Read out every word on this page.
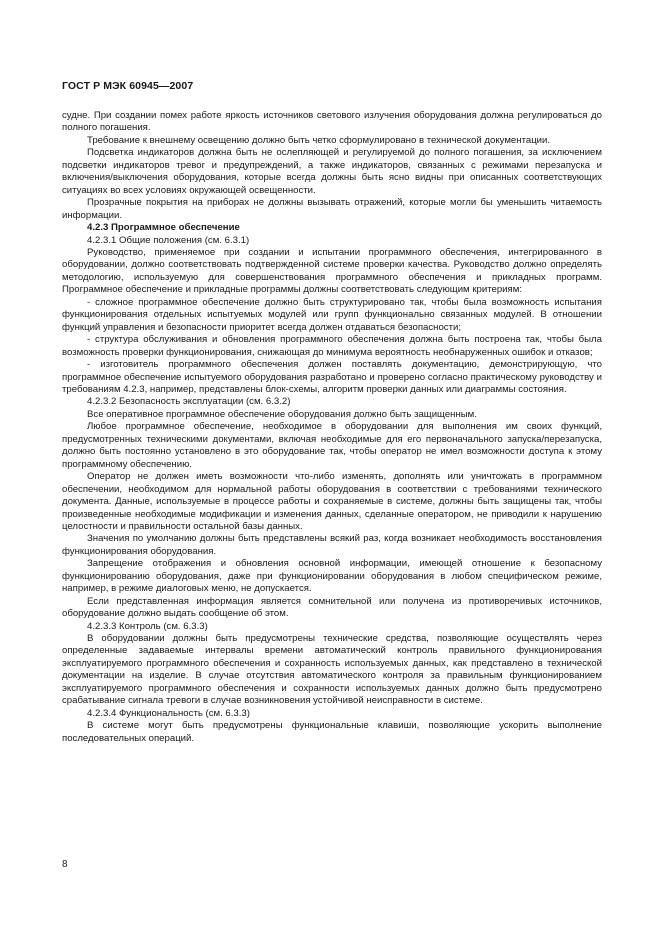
ГОСТ Р МЭК 60945—2007

судне. При создании помех работе яркость источников светового излучения оборудования должна регулироваться до полного погашения.

Требование к внешнему освещению должно быть четко сформулировано в технической документации.

Подсветка индикаторов должна быть не ослепляющей и регулируемой до полного погашения, за исключением подсветки индикаторов тревог и предупреждений, а также индикаторов, связанных с режимами перезапуска и включения/выключения оборудования, которые всегда должны быть ясно видны при описанных соответствующих ситуациях во всех условиях окружающей освещенности.

Прозрачные покрытия на приборах не должны вызывать отражений, которые могли бы уменьшить читаемость информации.

4.2.3 Программное обеспечение

4.2.3.1 Общие положения (см. 6.3.1)

Руководство, применяемое при создании и испытании программного обеспечения, интегрированного в оборудовании, должно соответствовать подтвержденной системе проверки качества. Руководство должно определять методологию, используемую для совершенствования программного обеспечения и прикладных программ. Программное обеспечение и прикладные программы должны соответствовать следующим критериям:

- сложное программное обеспечение должно быть структурировано так, чтобы была возможность испытания функционирования отдельных испытуемых модулей или групп функционально связанных модулей. В отношении функций управления и безопасности приоритет всегда должен отдаваться безопасности;

- структура обслуживания и обновления программного обеспечения должна быть построена так, чтобы была возможность проверки функционирования, снижающая до минимума вероятность необнаруженных ошибок и отказов;

- изготовитель программного обеспечения должен поставлять документацию, демонстрирующую, что программное обеспечение испытуемого оборудования разработано и проверено согласно практическому руководству и требованиям 4.2.3, например, представлены блок-схемы, алгоритм проверки данных или диаграммы состояния.

4.2.3.2 Безопасность эксплуатации (см. 6.3.2)

Все оперативное программное обеспечение оборудования должно быть защищенным.

Любое программное обеспечение, необходимое в оборудовании для выполнения им своих функций, предусмотренных техническими документами, включая необходимые для его первоначального запуска/перезапуска, должно быть постоянно установлено в это оборудование так, чтобы оператор не имел возможности доступа к этому программному обеспечению.

Оператор не должен иметь возможности что-либо изменять, дополнять или уничтожать в программном обеспечении, необходимом для нормальной работы оборудования в соответствии с требованиями технического документа. Данные, используемые в процессе работы и сохраняемые в системе, должны быть защищены так, чтобы произведенные необходимые модификации и изменения данных, сделанные оператором, не приводили к нарушению целостности и правильности остальной базы данных.

Значения по умолчанию должны быть представлены всякий раз, когда возникает необходимость восстановления функционирования оборудования.

Запрещение отображения и обновления основной информации, имеющей отношение к безопасному функционированию оборудования, даже при функционировании оборудования в любом специфическом режиме, например, в режиме диалоговых меню, не допускается.

Если представленная информация является сомнительной или получена из противоречивых источников, оборудование должно выдать сообщение об этом.

4.2.3.3 Контроль (см. 6.3.3)

В оборудовании должны быть предусмотрены технические средства, позволяющие осуществлять через определенные задаваемые интервалы времени автоматический контроль правильного функционирования эксплуатируемого программного обеспечения и сохранность используемых данных, как представлено в технической документации на изделие. В случае отсутствия автоматического контроля за правильным функционированием эксплуатируемого программного обеспечения и сохранности используемых данных должно быть предусмотрено срабатывание сигнала тревоги в случае возникновения устойчивой неисправности в системе.

4.2.3.4 Функциональность (см. 6.3.3)

В системе могут быть предусмотрены функциональные клавиши, позволяющие ускорить выполнение последовательных операций.

8
